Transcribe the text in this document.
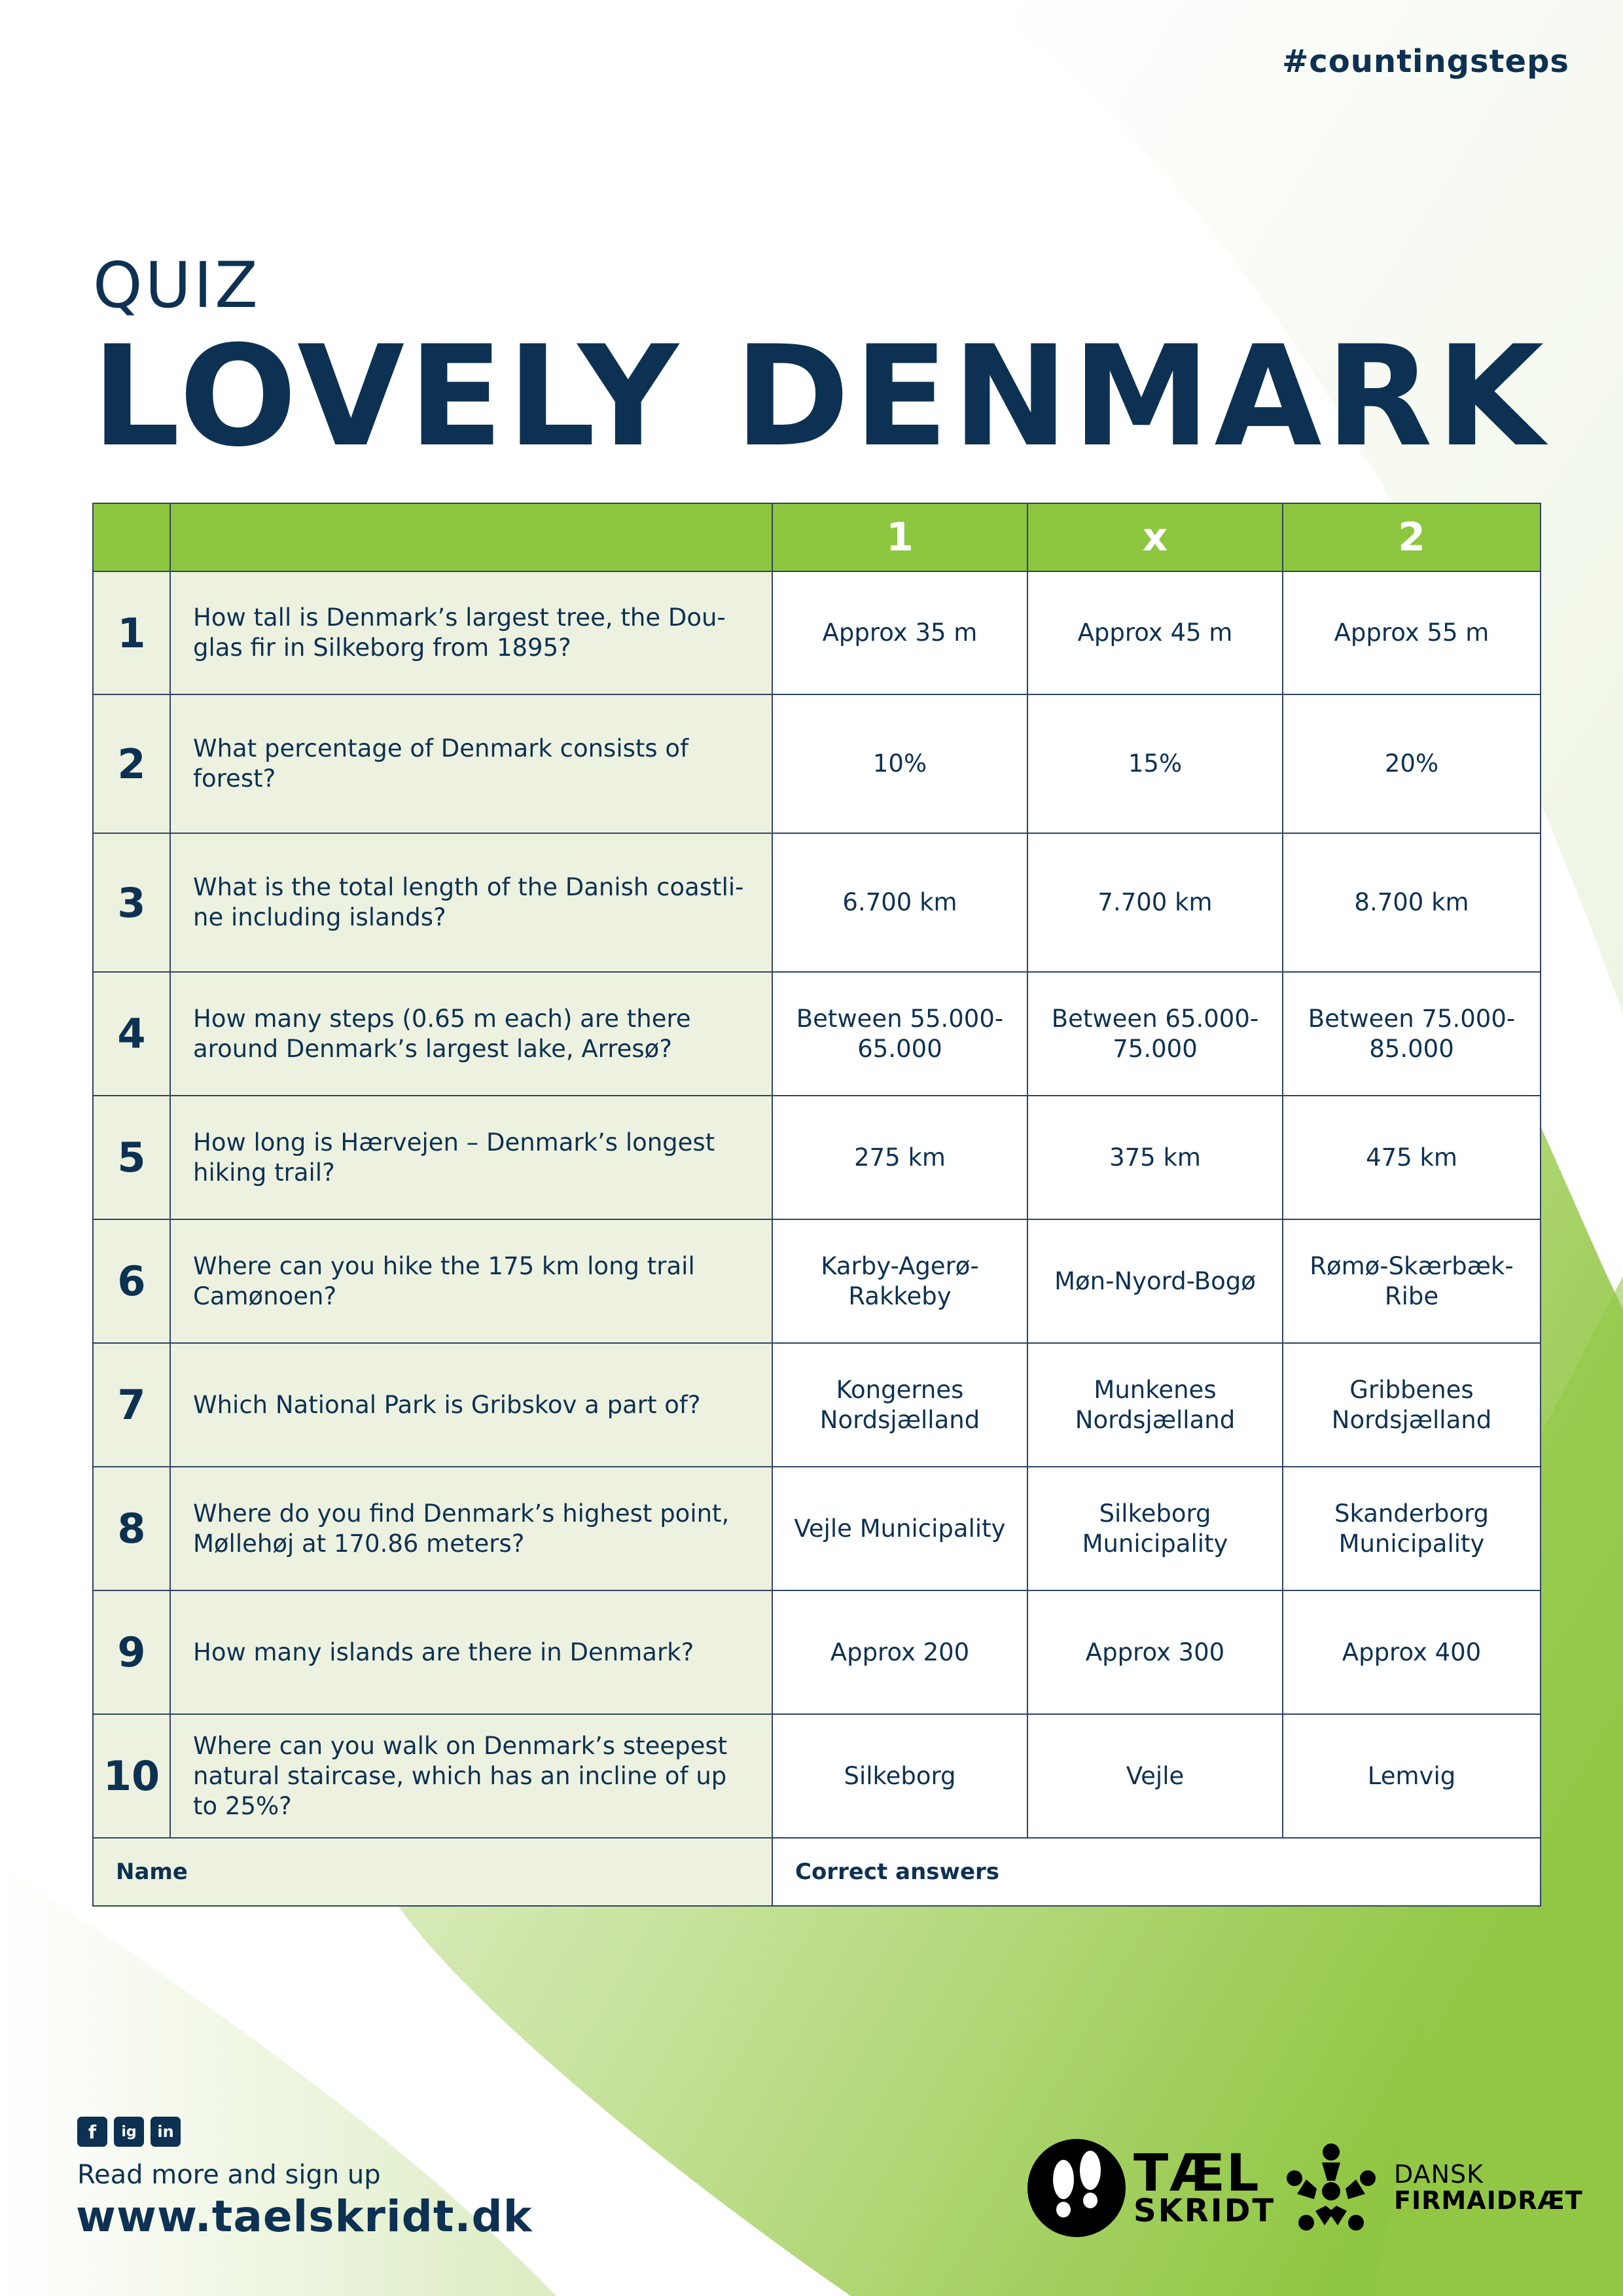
#countingsteps
QUIZ
LOVELY DENMARK
		1	x	2
1	How tall is Denmark’s largest tree, the Dou-glas fir in Silkeborg from 1895?	Approx 35 m	Approx 45 m	Approx 55 m
2	What percentage of Denmark consists of forest?	10%	15%	20%
3	What is the total length of the Danish coastli-ne including islands?	6.700 km	7.700 km	8.700 km
4	How many steps (0.65 m each) are there around Denmark’s largest lake, Arresø?	Between 55.000-65.000	Between 65.000-75.000	Between 75.000-85.000
5	How long is Hærvejen – Denmark’s longest hiking trail?	275 km	375 km	475 km
6	Where can you hike the 175 km long trail Camønoen?	Karby-Agerø-Rakkeby	Møn-Nyord-Bogø	Rømø-Skærbæk-Ribe
7	Which National Park is Gribskov a part of?	Kongernes Nordsjælland	Munkenes Nordsjælland	Gribbenes Nordsjælland
8	Where do you find Denmark’s highest point, Møllehøj at 170.86 meters?	Vejle Municipality	Silkeborg Municipality	Skanderborg Municipality
9	How many islands are there in Denmark?	Approx 200	Approx 300	Approx 400
10	Where can you walk on Denmark’s steepest natural staircase, which has an incline of up to 25%?	Silkeborg	Vejle	Lemvig
Name		Correct answers		
f	ig	in
Read more and sign up
www.taelskridt.dk
TÆL
SKRIDT
DANSK
FIRMAIDRÆT
